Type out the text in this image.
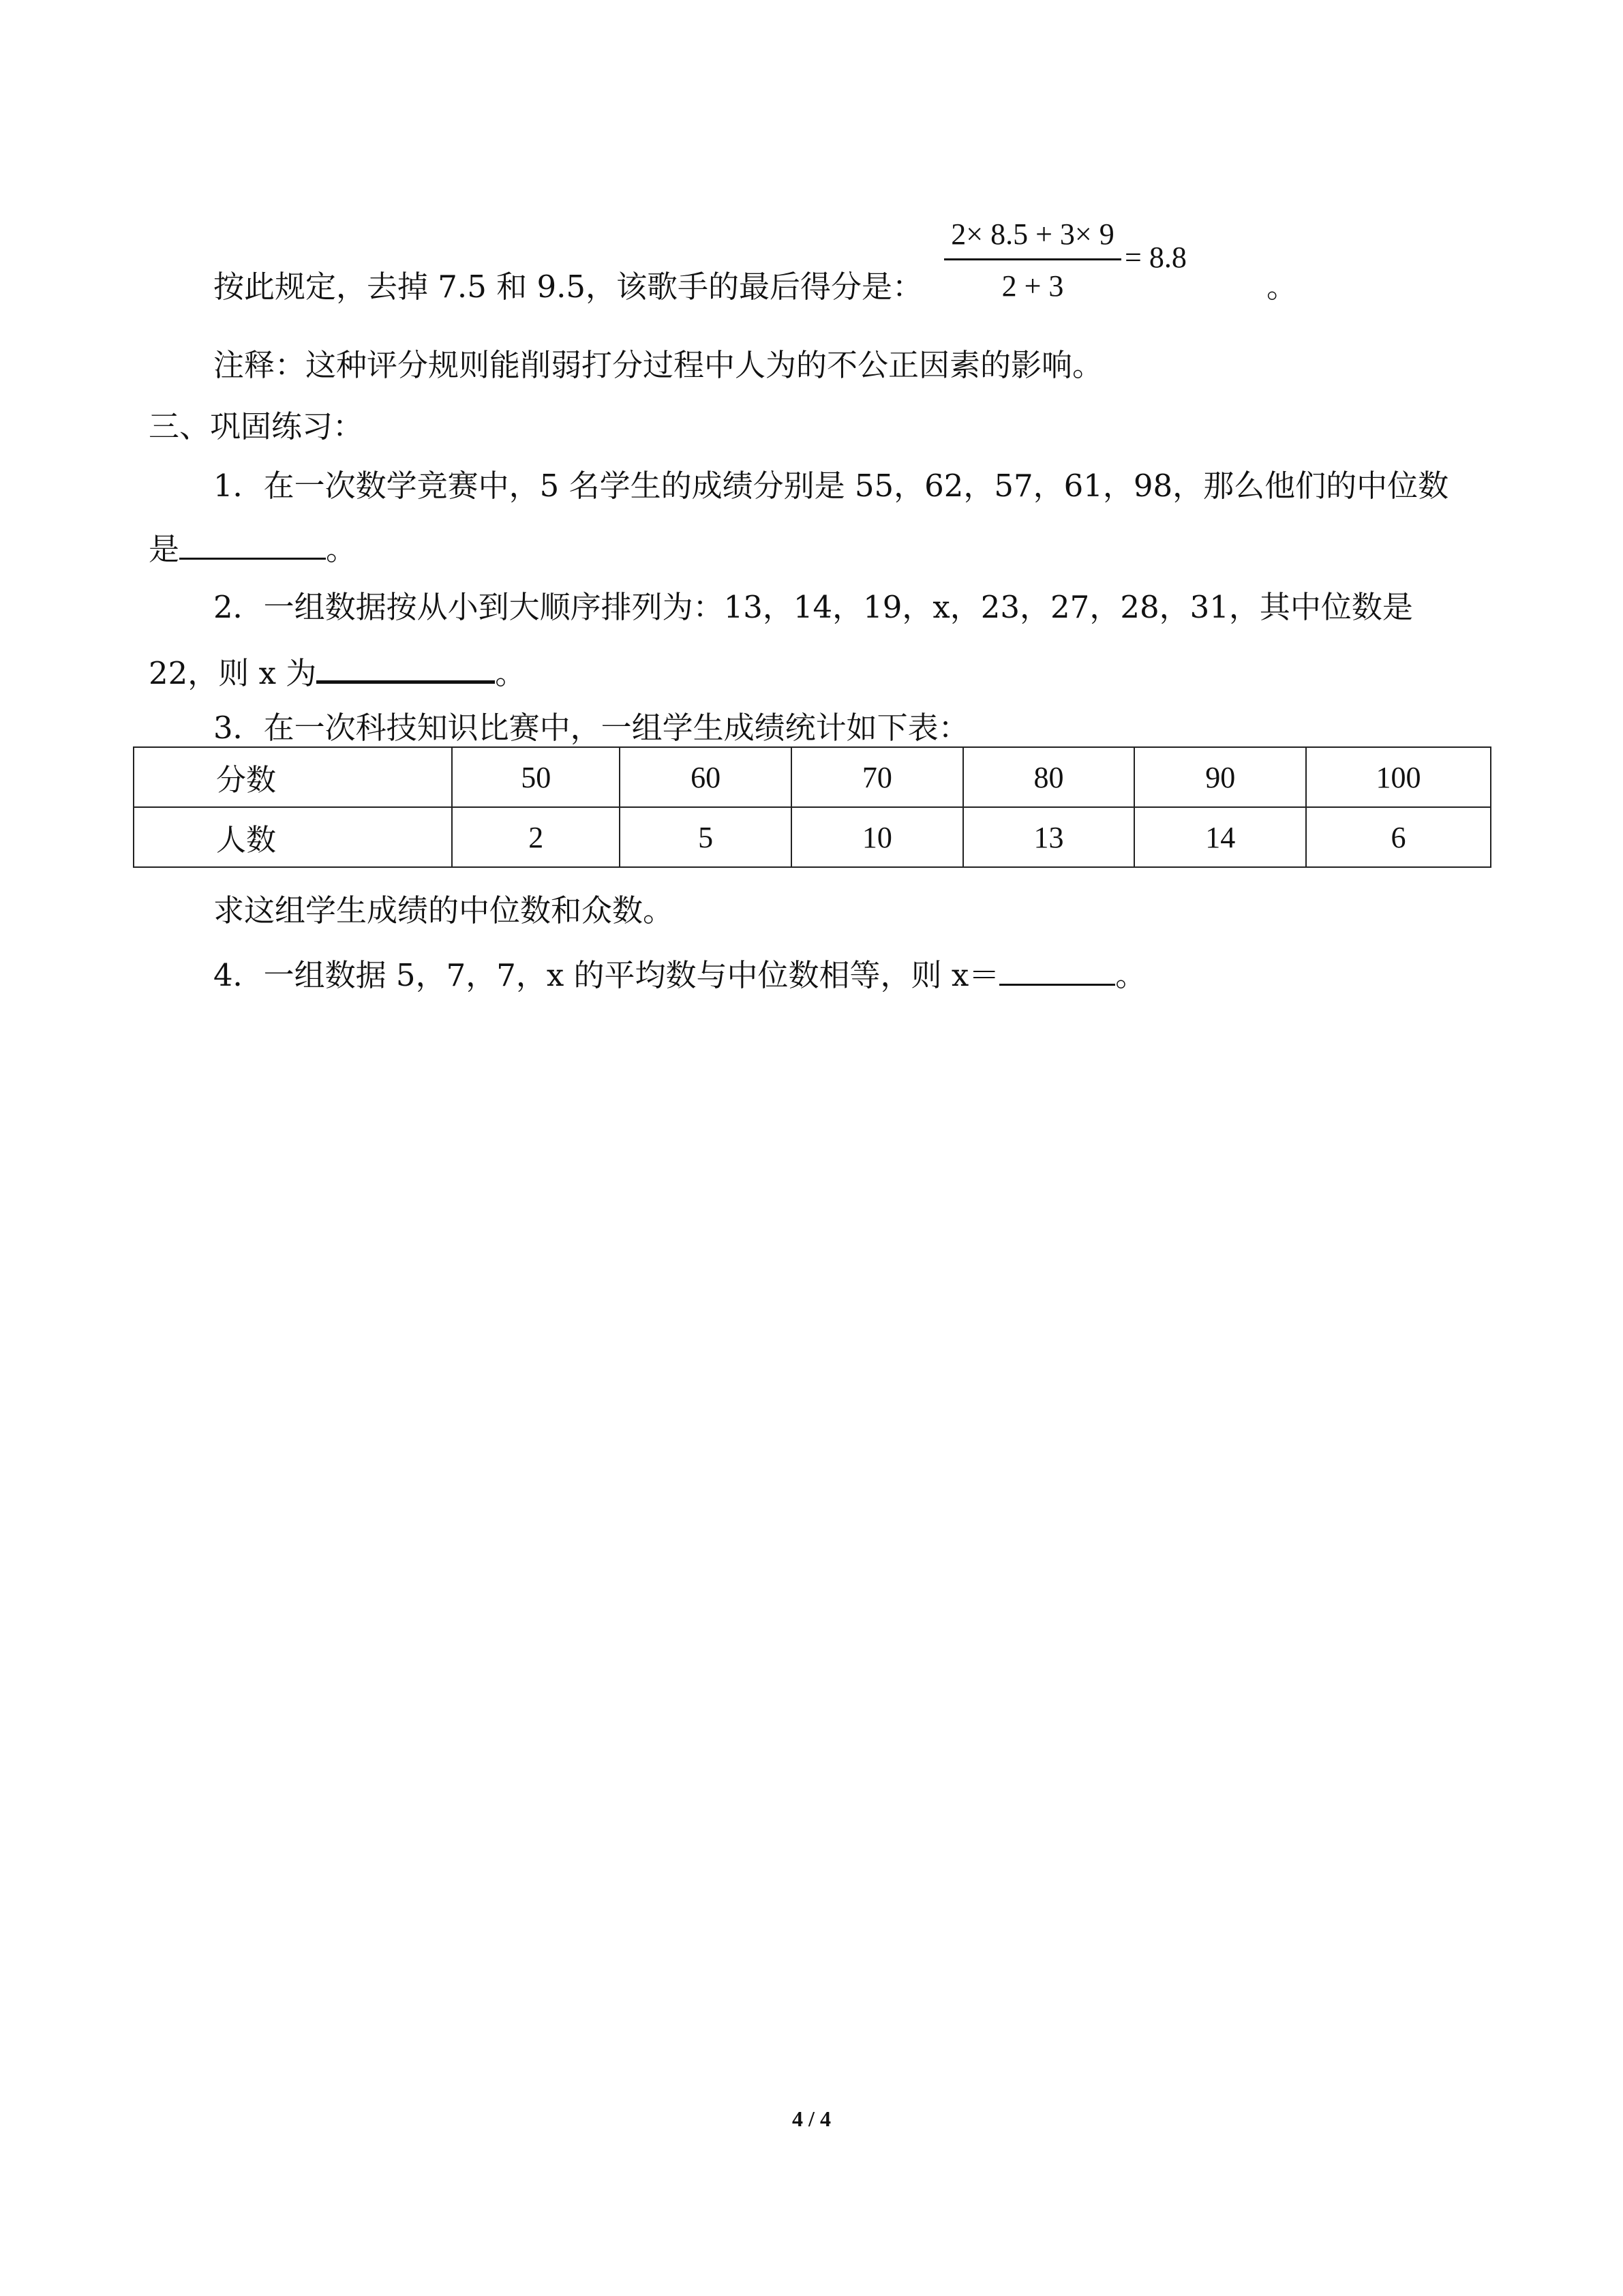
$\frac{2\times 8.5 + 3\times 9}{2 + 3} = 8.8$
按此规定，去掉 7.5 和 9.5，该歌手的最后得分是：	。
注释：这种评分规则能削弱打分过程中人为的不公正因素的影响。
三、巩固练习：
1．在一次数学竞赛中，5 名学生的成绩分别是 55，62，57，61，98，那么他们的中位数
是	。
2．一组数据按从小到大顺序排列为：13，14，19，x，23，27，28，31，其中位数是
22，则 x 为	。
3．在一次科技知识比赛中，一组学生成绩统计如下表：
分数	50	60	70	80	90	100
人数	2	5	10	13	14	6
求这组学生成绩的中位数和众数。
4．一组数据 5，7，7，x 的平均数与中位数相等，则 x＝	。
4 / 4
